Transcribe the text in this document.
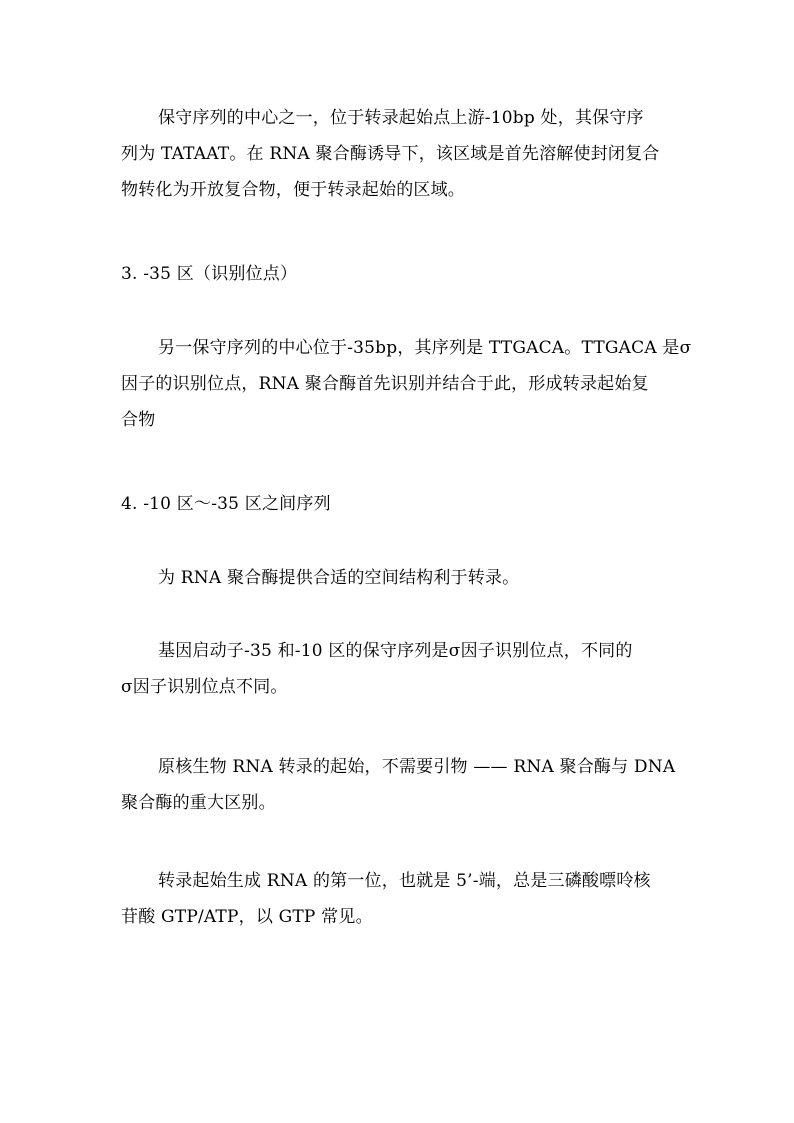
保守序列的中心之一，位于转录起始点上游-10bp 处，其保守序
列为 TATAAT。在 RNA 聚合酶诱导下，该区域是首先溶解使封闭复合
物转化为开放复合物，便于转录起始的区域。

3. -35 区（识别位点）

另一保守序列的中心位于-35bp，其序列是 TTGACA。TTGACA 是σ
因子的识别位点，RNA 聚合酶首先识别并结合于此，形成转录起始复
合物

4. -10 区～-35 区之间序列

为 RNA 聚合酶提供合适的空间结构利于转录。

基因启动子-35 和-10 区的保守序列是σ因子识别位点，不同的
σ因子识别位点不同。

原核生物 RNA 转录的起始，不需要引物 —— RNA 聚合酶与 DNA
聚合酶的重大区别。

转录起始生成 RNA 的第一位，也就是 5’-端，总是三磷酸嘌呤核
苷酸 GTP/ATP，以 GTP 常见。
